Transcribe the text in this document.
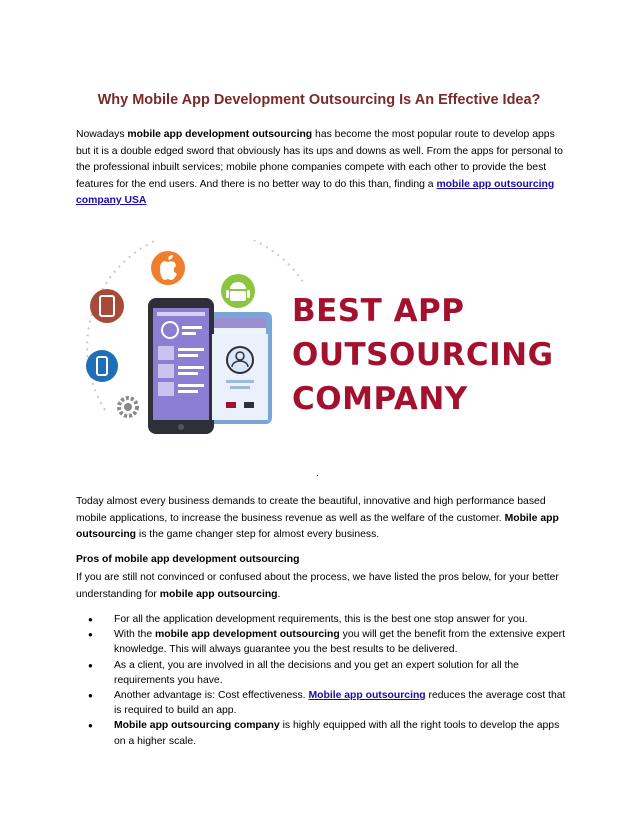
Why Mobile App Development Outsourcing Is An Effective Idea?
Nowadays mobile app development outsourcing has become the most popular route to develop apps but it is a double edged sword that obviously has its ups and downs as well. From the apps for personal to the professional inbuilt services; mobile phone companies compete with each other to provide the best features for the end users. And there is no better way to do this than, finding a mobile app outsourcing company USA
BEST APP
OUTSOURCING
COMPANY
.
Today almost every business demands to create the beautiful, innovative and high performance based mobile applications, to increase the business revenue as well as the welfare of the customer. Mobile app outsourcing is the game changer step for almost every business.
Pros of mobile app development outsourcing
If you are still not convinced or confused about the process, we have listed the pros below, for your better understanding for mobile app outsourcing.
● For all the application development requirements, this is the best one stop answer for you.
● With the mobile app development outsourcing you will get the benefit from the extensive expert knowledge. This will always guarantee you the best results to be delivered.
● As a client, you are involved in all the decisions and you get an expert solution for all the requirements you have.
● Another advantage is: Cost effectiveness. Mobile app outsourcing reduces the average cost that is required to build an app.
● Mobile app outsourcing company is highly equipped with all the right tools to develop the apps on a higher scale.
